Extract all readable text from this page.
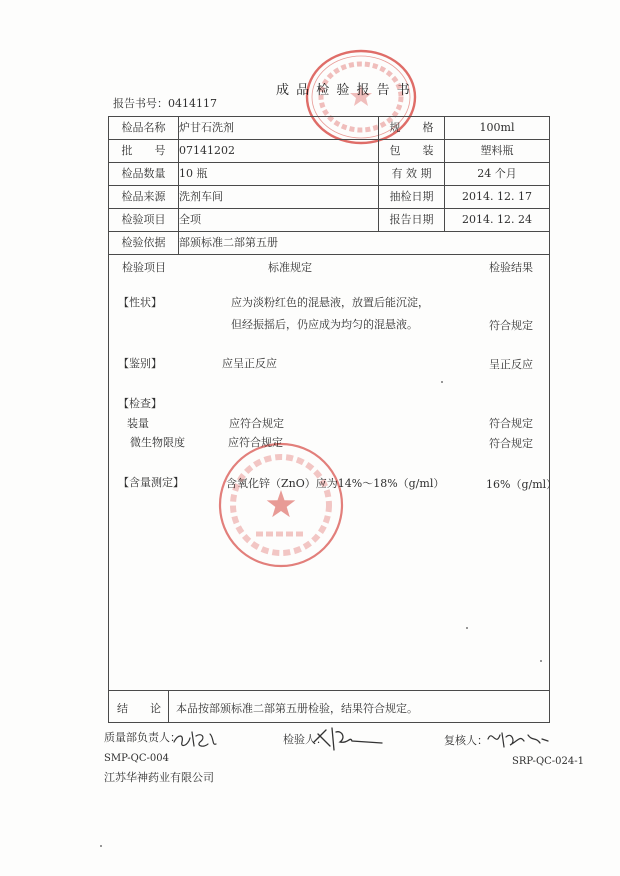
成 品 检 验 报 告 书
报告书号：0414117
检品名称	炉甘石洗剂	规　　格	100ml
批　　号	07141202	包　　装	塑料瓶
检品数量	10 瓶	有 效 期	24 个月
检品来源	洗剂车间	抽检日期	2014. 12. 17
检验项目	全项	报告日期	2014. 12. 24
检验依据	部颁标准二部第五册		
检验项目	标准规定	检验结果
【性状】	应为淡粉红色的混悬液，放置后能沉淀，
但经振摇后，仍应成为均匀的混悬液。	符合规定
【鉴别】	应呈正反应	呈正反应
【检查】
装量	应符合规定	符合规定
微生物限度	应符合规定	符合规定
【含量测定】	含氧化锌（ZnO）应为14%～18%（g/ml）	16%（g/ml）
结　　论 本品按部颁标准二部第五册检验，结果符合规定。
质量部负责人：	检验人：	复核人：
SMP-QC-004	SRP-QC-024-1
江苏华神药业有限公司
